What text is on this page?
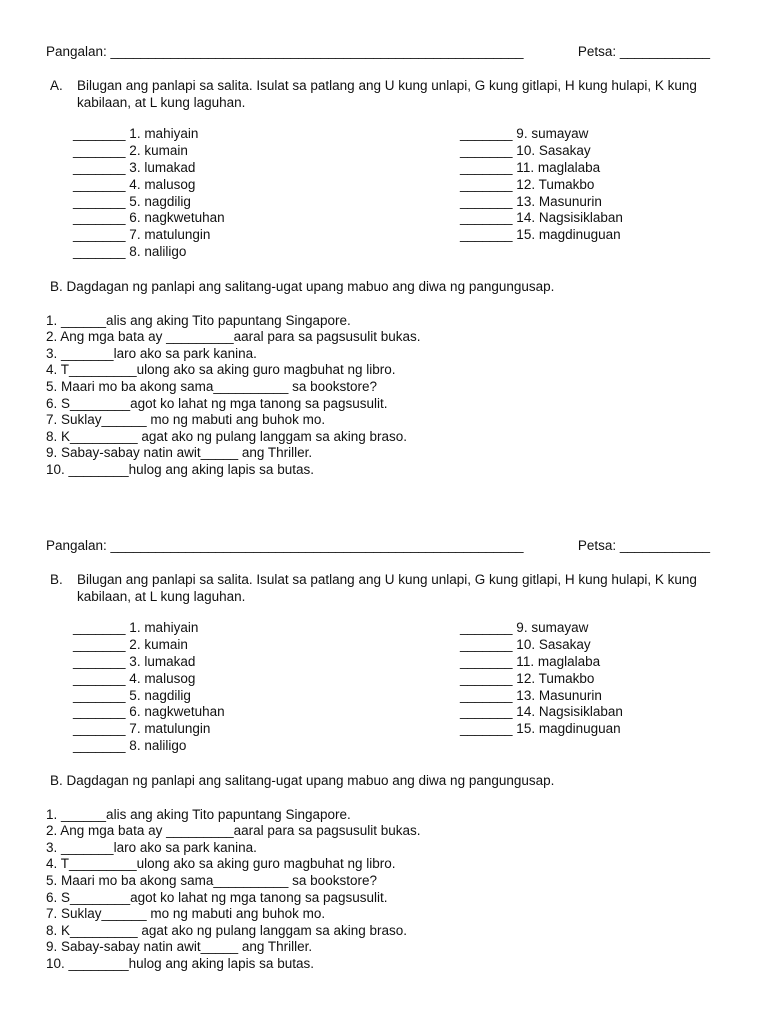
Pangalan: _______________________________________________________	Petsa: ____________
A.	Bilugan ang panlapi sa salita. Isulat sa patlang ang U kung unlapi, G kung gitlapi, H kung hulapi, K kung kabilaan, at L kung laguhan.
_______ 1. mahiyain
_______ 2. kumain
_______ 3. lumakad
_______ 4. malusog
_______ 5. nagdilig
_______ 6. nagkwetuhan
_______ 7. matulungin
_______ 8. naliligo
_______ 9. sumayaw
_______ 10. Sasakay
_______ 11. maglalaba
_______ 12. Tumakbo
_______ 13. Masunurin
_______ 14. Nagsisiklaban
_______ 15. magdinuguan
B. Dagdagan ng panlapi ang salitang-ugat upang mabuo ang diwa ng pangungusap.
1. ______alis ang aking Tito papuntang Singapore.
2. Ang mga bata ay _________aaral para sa pagsusulit bukas.
3. _______laro ako sa park kanina.
4. T_________ulong ako sa aking guro magbuhat ng libro.
5. Maari mo ba akong sama__________ sa bookstore?
6. S________agot ko lahat ng mga tanong sa pagsusulit.
7. Suklay______ mo ng mabuti ang buhok mo.
8. K_________ agat ako ng pulang langgam sa aking braso.
9. Sabay-sabay natin awit_____ ang Thriller.
10. ________hulog ang aking lapis sa butas.
Pangalan: _______________________________________________________	Petsa: ____________
B.	Bilugan ang panlapi sa salita. Isulat sa patlang ang U kung unlapi, G kung gitlapi, H kung hulapi, K kung kabilaan, at L kung laguhan.
_______ 1. mahiyain
_______ 2. kumain
_______ 3. lumakad
_______ 4. malusog
_______ 5. nagdilig
_______ 6. nagkwetuhan
_______ 7. matulungin
_______ 8. naliligo
_______ 9. sumayaw
_______ 10. Sasakay
_______ 11. maglalaba
_______ 12. Tumakbo
_______ 13. Masunurin
_______ 14. Nagsisiklaban
_______ 15. magdinuguan
B. Dagdagan ng panlapi ang salitang-ugat upang mabuo ang diwa ng pangungusap.
1. ______alis ang aking Tito papuntang Singapore.
2. Ang mga bata ay _________aaral para sa pagsusulit bukas.
3. _______laro ako sa park kanina.
4. T_________ulong ako sa aking guro magbuhat ng libro.
5. Maari mo ba akong sama__________ sa bookstore?
6. S________agot ko lahat ng mga tanong sa pagsusulit.
7. Suklay______ mo ng mabuti ang buhok mo.
8. K_________ agat ako ng pulang langgam sa aking braso.
9. Sabay-sabay natin awit_____ ang Thriller.
10. ________hulog ang aking lapis sa butas.
